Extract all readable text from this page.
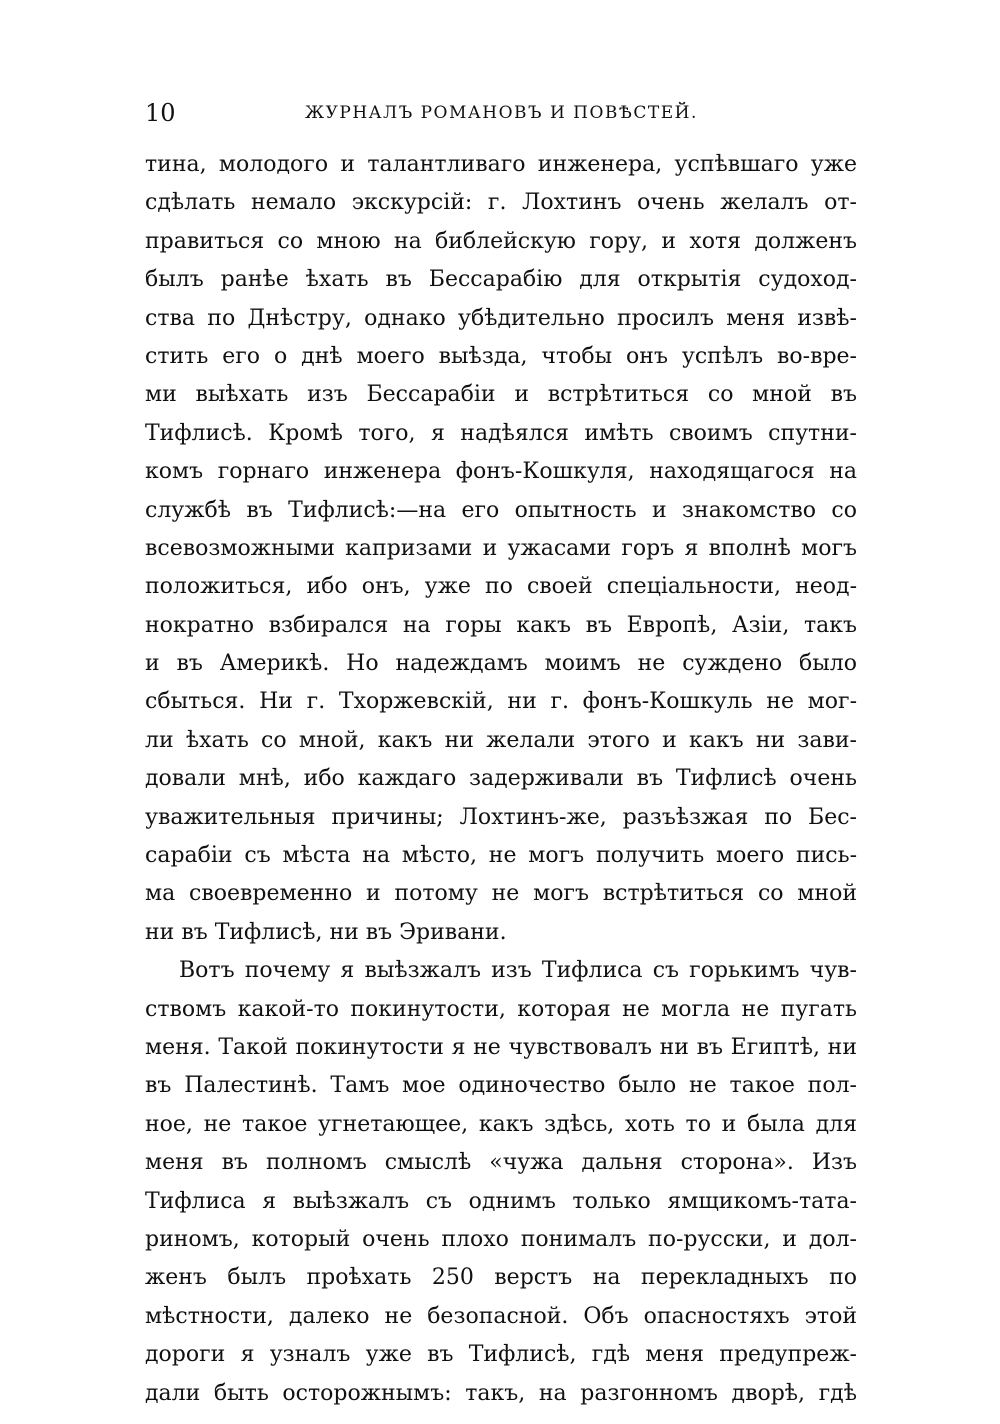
10	ЖУРНАЛЪ РОМАНОВЪ И ПОВѢСТЕЙ.
тина, молодого и талантливаго инженера, успѣвшаго уже
сдѣлать немало экскурсій: г. Лохтинъ очень желалъ от-
правиться со мною на библейскую гору, и хотя долженъ
былъ ранѣе ѣхать въ Бессарабію для открытія судоход-
ства по Днѣстру, однако убѣдительно просилъ меня извѣ-
стить его о днѣ моего выѣзда, чтобы онъ успѣлъ во-вре-
ми выѣхать изъ Бессарабіи и встрѣтиться со мной въ
Тифлисѣ. Кромѣ того, я надѣялся имѣть своимъ спутни-
комъ горнаго инженера фонъ-Кошкуля, находящагося на
службѣ въ Тифлисѣ:—на его опытность и знакомство со
всевозможными капризами и ужасами горъ я вполнѣ могъ
положиться, ибо онъ, уже по своей спеціальности, неод-
нократно взбирался на горы какъ въ Европѣ, Азіи, такъ
и въ Америкѣ. Но надеждамъ моимъ не суждено было
сбыться. Ни г. Тхоржевскій, ни г. фонъ-Кошкуль не мог-
ли ѣхать со мной, какъ ни желали этого и какъ ни зави-
довали мнѣ, ибо каждаго задерживали въ Тифлисѣ очень
уважительныя причины; Лохтинъ-же, разъѣзжая по Бес-
сарабіи съ мѣста на мѣсто, не могъ получить моего пись-
ма своевременно и потому не могъ встрѣтиться со мной
ни въ Тифлисѣ, ни въ Эривани.
Вотъ почему я выѣзжалъ изъ Тифлиса съ горькимъ чув-
ствомъ какой-то покинутости, которая не могла не пугать
меня. Такой покинутости я не чувствовалъ ни въ Египтѣ, ни
въ Палестинѣ. Тамъ мое одиночество было не такое пол-
ное, не такое угнетающее, какъ здѣсь, хоть то и была для
меня въ полномъ смыслѣ «чужа дальня сторона». Изъ
Тифлиса я выѣзжалъ съ однимъ только ямщикомъ-тата-
риномъ, который очень плохо понималъ по-русски, и дол-
женъ былъ проѣхать 250 верстъ на перекладныхъ по
мѣстности, далеко не безопасной. Объ опасностяхъ этой
дороги я узналъ уже въ Тифлисѣ, гдѣ меня предупреж-
дали быть осторожнымъ: такъ, на разгонномъ дворѣ, гдѣ
